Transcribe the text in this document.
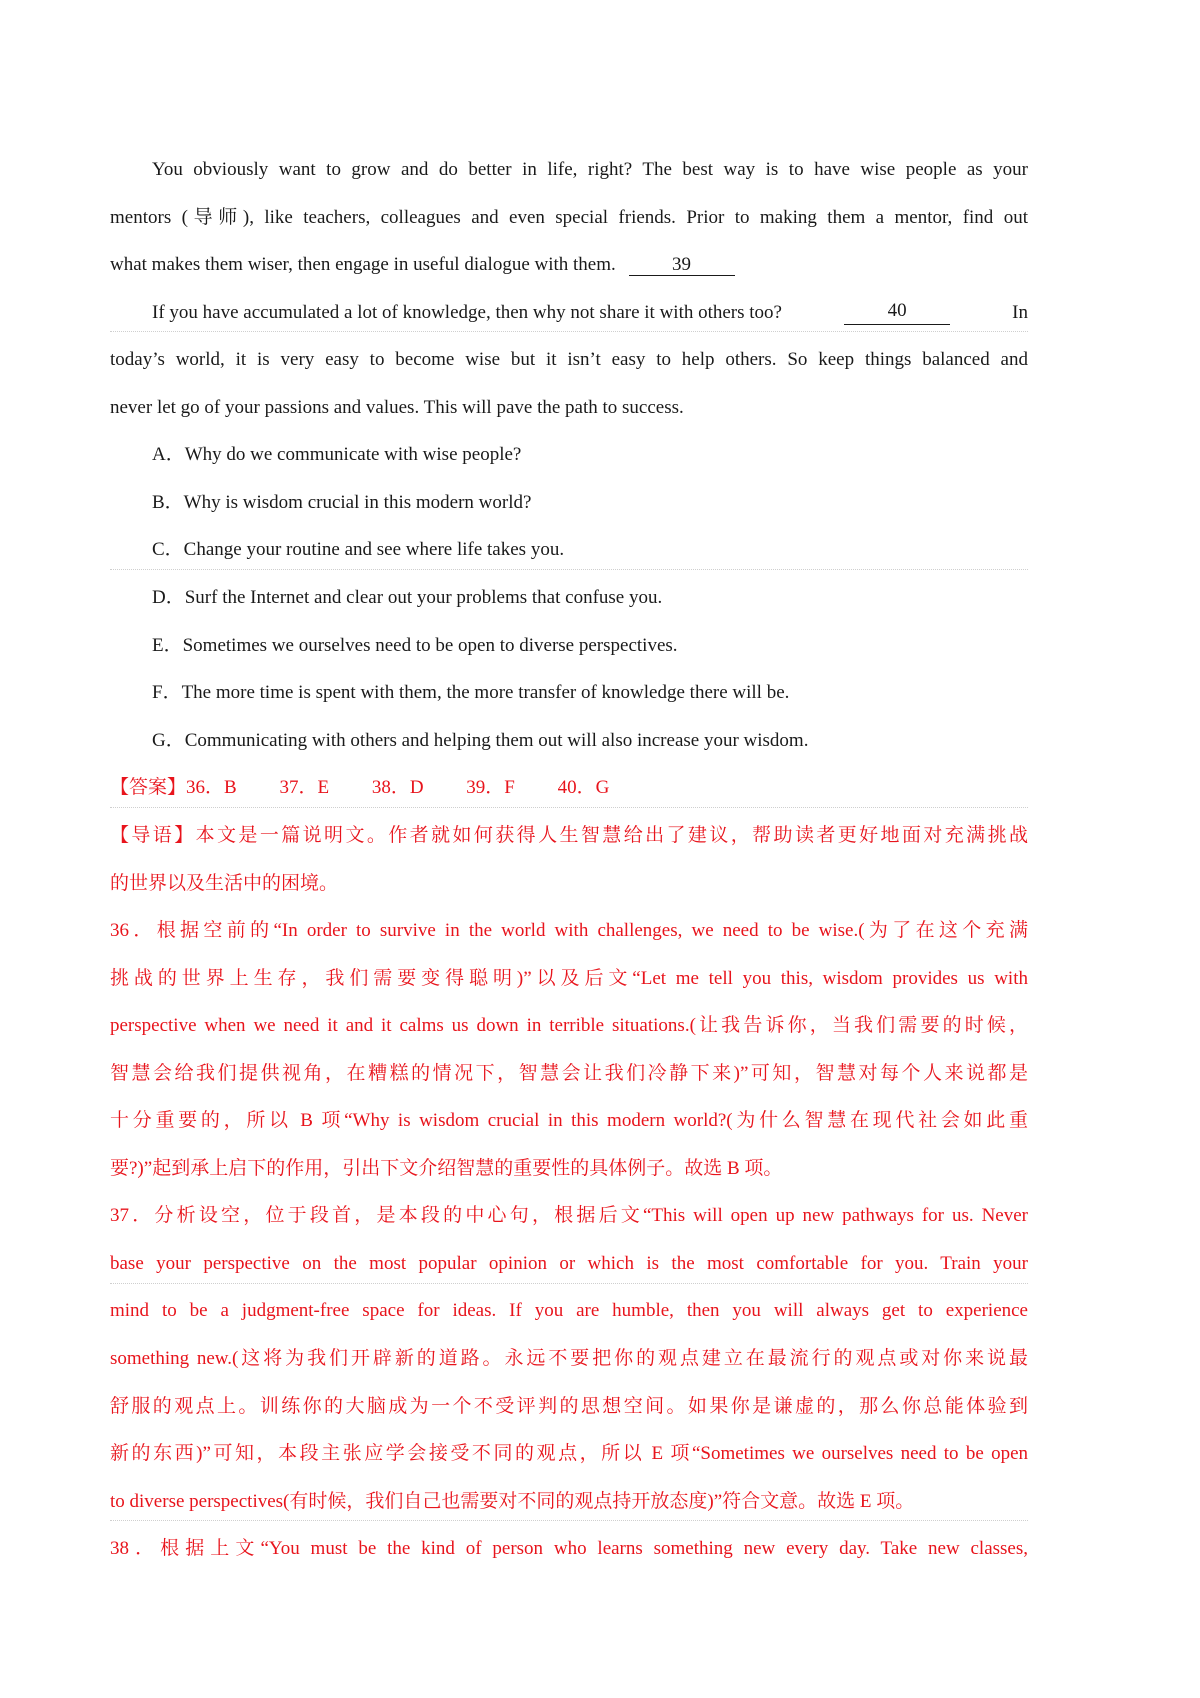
You obviously want to grow and do better in life, right? The best way is to have wise people as your
mentors (导师), like teachers, colleagues and even special friends. Prior to making them a mentor, find out
what makes them wiser, then engage in useful dialogue with them.	39
If you have accumulated a lot of knowledge, then why not share it with others too?	40	In
today’s world, it is very easy to become wise but it isn’t easy to help others. So keep things balanced and
never let go of your passions and values. This will pave the path to success.
A．Why do we communicate with wise people?
B．Why is wisdom crucial in this modern world?
C．Change your routine and see where life takes you.
D．Surf the Internet and clear out your problems that confuse you.
E．Sometimes we ourselves need to be open to diverse perspectives.
F．The more time is spent with them, the more transfer of knowledge there will be.
G．Communicating with others and helping them out will also increase your wisdom.
【答案】36．B 37．E 38．D 39．F 40．G
【导语】本文是一篇说明文。作者就如何获得人生智慧给出了建议，帮助读者更好地面对充满挑战
的世界以及生活中的困境。
36．根据空前的“In order to survive in the world with challenges, we need to be wise.(为了在这个充满
挑战的世界上生存，我们需要变得聪明)”以及后文“Let me tell you this, wisdom provides us with
perspective when we need it and it calms us down in terrible situations.(让我告诉你，当我们需要的时候，
智慧会给我们提供视角，在糟糕的情况下，智慧会让我们冷静下来)”可知，智慧对每个人来说都是
十分重要的，所以 B 项“Why is wisdom crucial in this modern world?(为什么智慧在现代社会如此重
要?)”起到承上启下的作用，引出下文介绍智慧的重要性的具体例子。故选 B 项。
37．分析设空，位于段首，是本段的中心句，根据后文“This will open up new pathways for us. Never
base your perspective on the most popular opinion or which is the most comfortable for you. Train your
mind to be a judgment-free space for ideas. If you are humble, then you will always get to experience
something new.(这将为我们开辟新的道路。永远不要把你的观点建立在最流行的观点或对你来说最
舒服的观点上。训练你的大脑成为一个不受评判的思想空间。如果你是谦虚的，那么你总能体验到
新的东西)”可知，本段主张应学会接受不同的观点，所以 E 项“Sometimes we ourselves need to be open
to diverse perspectives(有时候，我们自己也需要对不同的观点持开放态度)”符合文意。故选 E 项。
38．根据上文“You must be the kind of person who learns something new every day. Take new classes,
